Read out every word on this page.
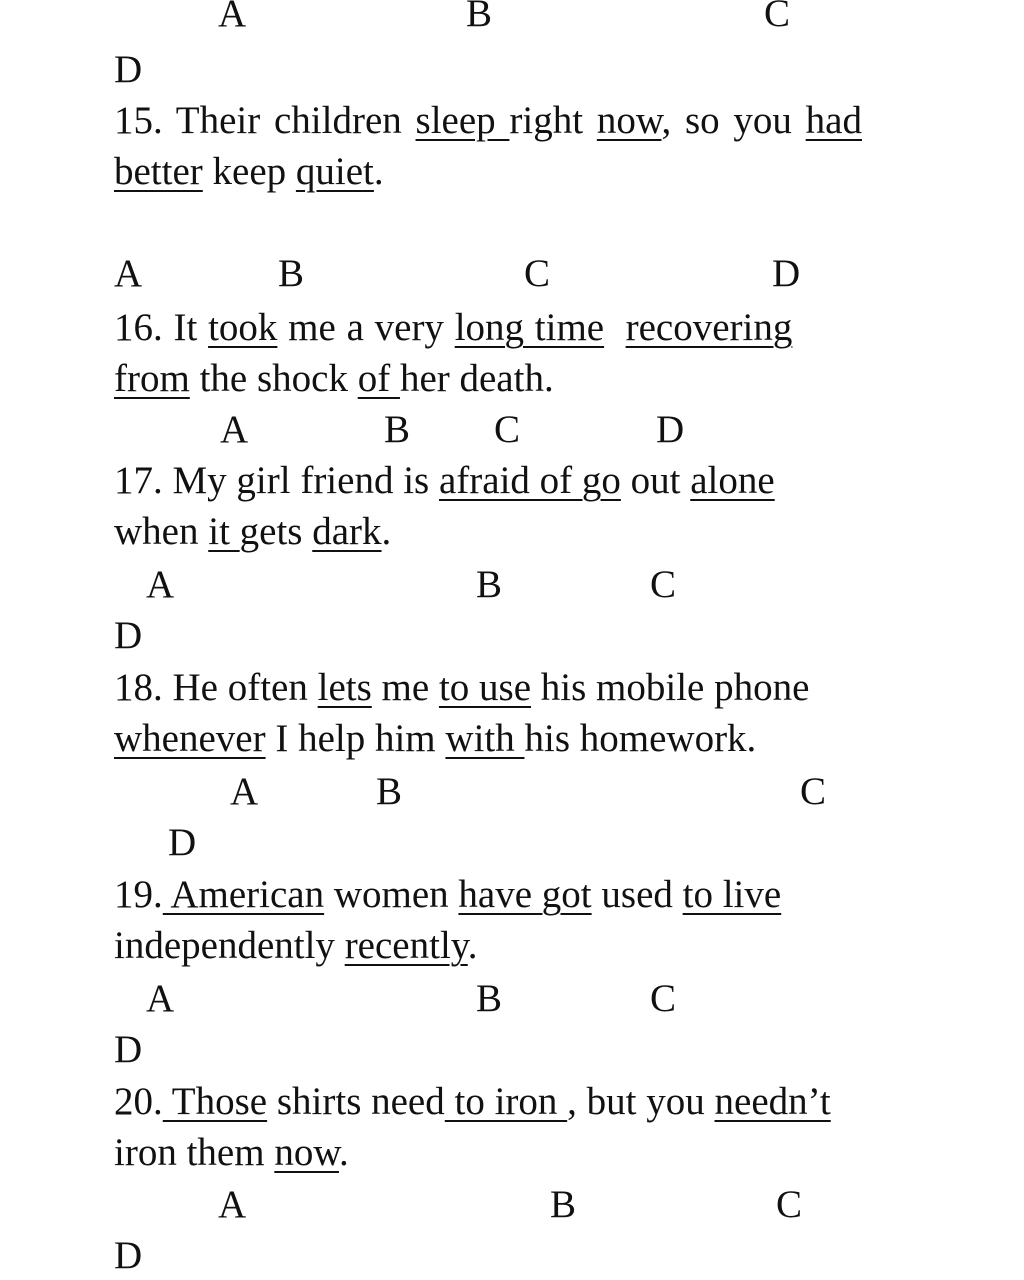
A	B	C
D
15. Their children sleep right now, so you had
better keep quiet.
A	B	C	D
16. It took me a very long time recovering
from the shock of her death.
A	B C	D
17. My girl friend is afraid of go out alone
when it gets dark.
A	B	C
D
18. He often lets me to use his mobile phone
whenever I help him with his homework.
A	B	C
D
19. American women have got used to live
independently recently.
A	B	C
D
20. Those shirts need to iron , but you needn’t
iron them now.
A	B	C
D
